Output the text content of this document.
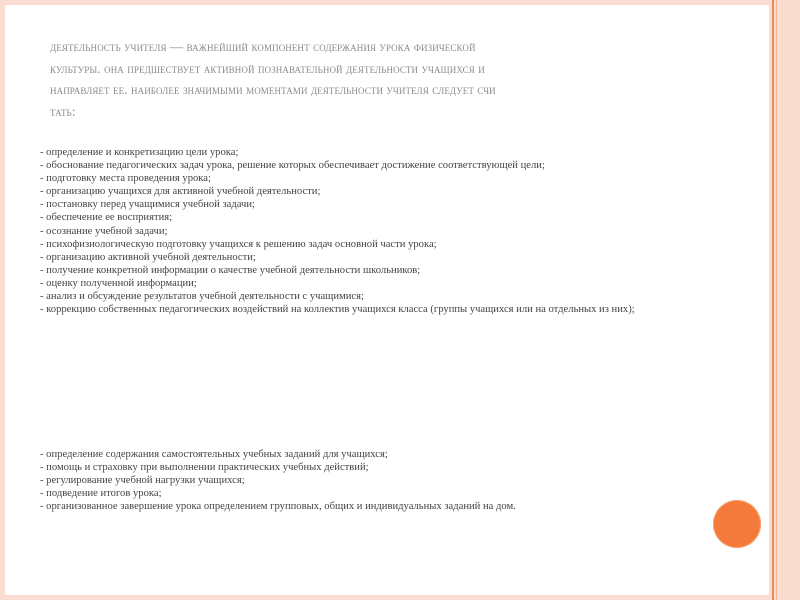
деятельность учителя — важнейший компонент содержания урока физической
культуры. она предшествует активной познавательной деятельности учащихся и
направляет ее. наиболее значимыми моментами деятельности учителя следует счи
тать:

- определение и конкретизацию цели урока;
- обоснование педагогических задач урока, решение которых обеспечивает достижение соответствующей цели;
- подготовку места проведения урока;
- организацию учащихся для активной учебной деятельности;
- постановку перед учащимися учебной задачи;
- обеспечение ее восприятия;
- осознание учебной задачи;
- психофизиологическую подготовку учащихся к решению задач основной части урока;
- организацию активной учебной деятельности;
- получение конкретной информации о качестве учебной деятельности школьников;
- оценку полученной информации;
- анализ и обсуждение результатов учебной деятельности с учащимися;
- коррекцию собственных педагогических воздействий на коллектив учащихся класса (группы учащихся или на отдельных из них);
- определение содержания самостоятельных учебных заданий для учащихся;
- помощь и страховку при выполнении практических учебных действий;
- регулирование учебной нагрузки учащихся;
- подведение итогов урока;
- организованное завершение урока определением групповых, общих и индивидуальных заданий на дом.
